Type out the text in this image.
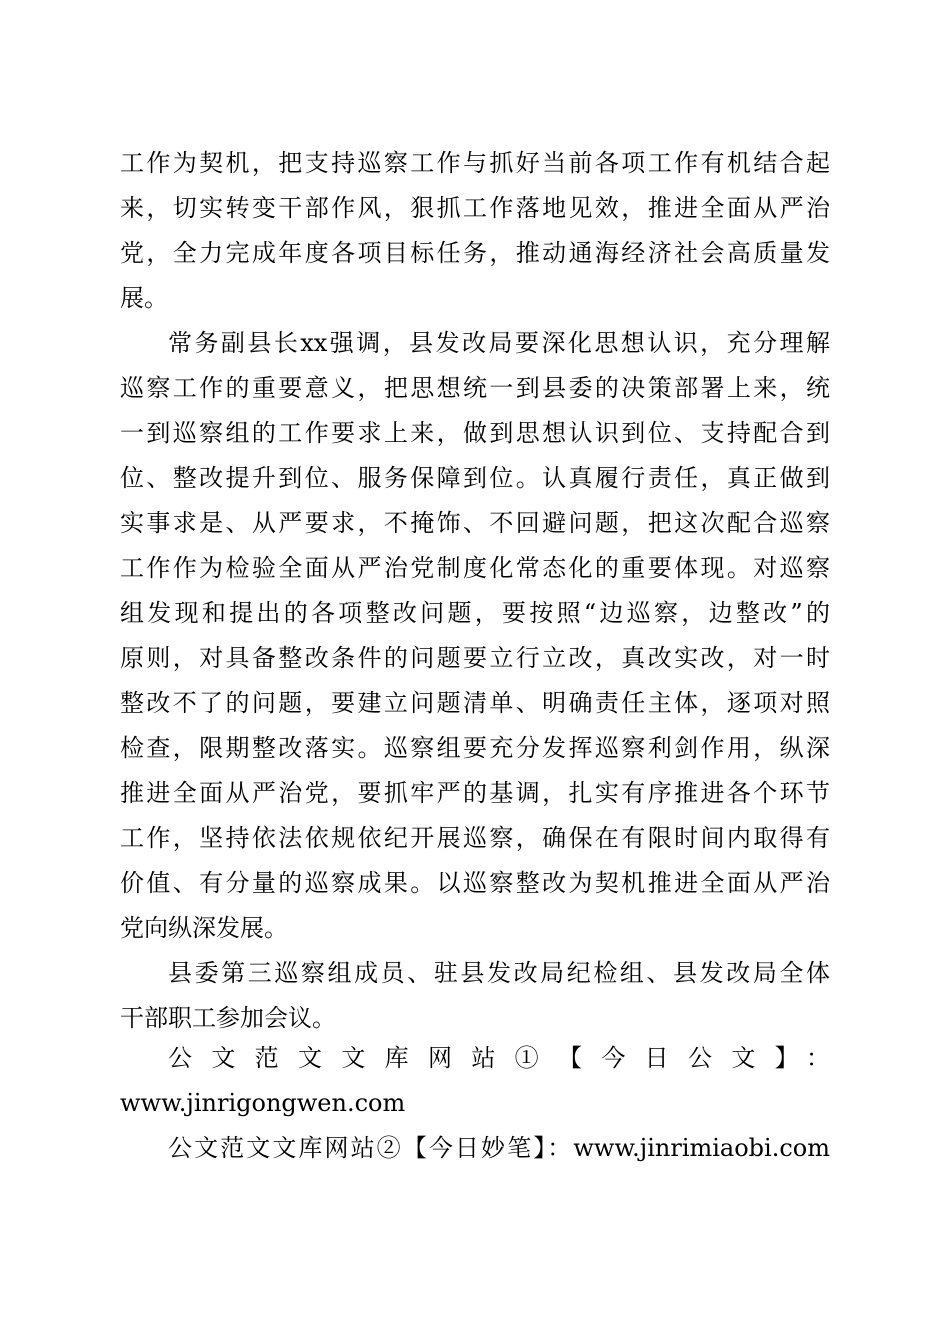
工作为契机，把支持巡察工作与抓好当前各项工作有机结合起
来，切实转变干部作风，狠抓工作落地见效，推进全面从严治
党，全力完成年度各项目标任务，推动通海经济社会高质量发
展。
常务副县长xx强调，县发改局要深化思想认识，充分理解
巡察工作的重要意义，把思想统一到县委的决策部署上来，统
一到巡察组的工作要求上来，做到思想认识到位、支持配合到
位、整改提升到位、服务保障到位。认真履行责任，真正做到
实事求是、从严要求，不掩饰、不回避问题，把这次配合巡察
工作作为检验全面从严治党制度化常态化的重要体现。对巡察
组发现和提出的各项整改问题，要按照“边巡察，边整改”的
原则，对具备整改条件的问题要立行立改，真改实改，对一时
整改不了的问题，要建立问题清单、明确责任主体，逐项对照
检查，限期整改落实。巡察组要充分发挥巡察利剑作用，纵深
推进全面从严治党，要抓牢严的基调，扎实有序推进各个环节
工作，坚持依法依规依纪开展巡察，确保在有限时间内取得有
价值、有分量的巡察成果。以巡察整改为契机推进全面从严治
党向纵深发展。
县委第三巡察组成员、驻县发改局纪检组、县发改局全体
干部职工参加会议。
公文范文文库网站①【今日公文】：
www.jinrigongwen.com
公文范文文库网站②【今日妙笔】：www.jinrimiaobi.com
